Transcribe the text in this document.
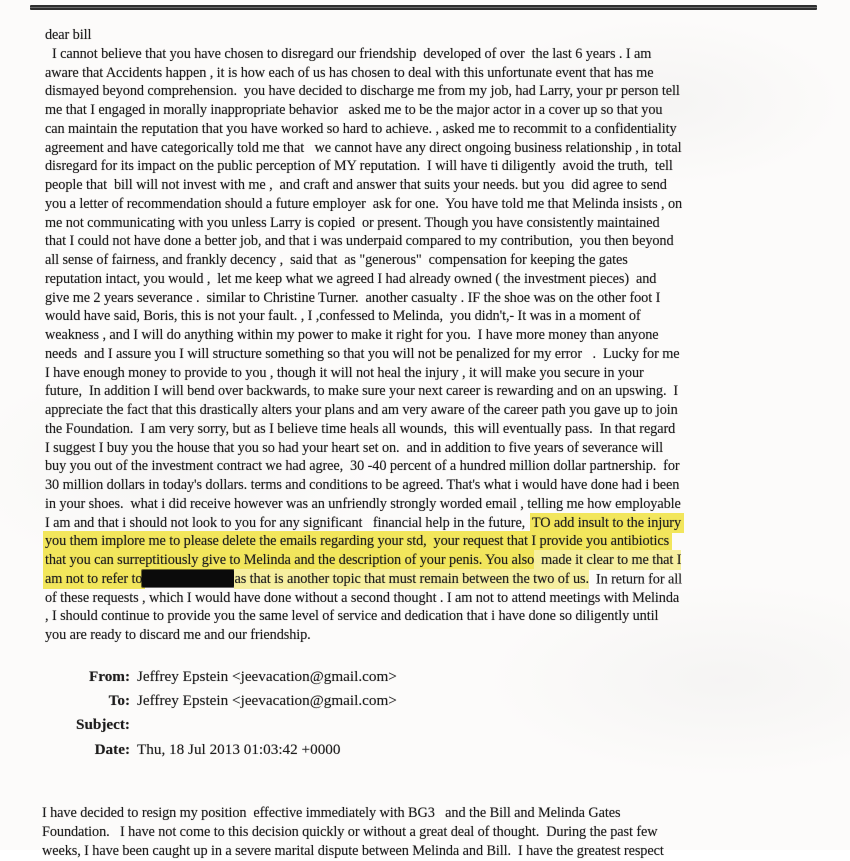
dear bill
I cannot believe that you have chosen to disregard our friendship  developed of over  the last 6 years . I am
aware that Accidents happen , it is how each of us has chosen to deal with this unfortunate event that has me
dismayed beyond comprehension.  you have decided to discharge me from my job, had Larry, your pr person tell
me that I engaged in morally inappropriate behavior   asked me to be the major actor in a cover up so that you
can maintain the reputation that you have worked so hard to achieve. , asked me to recommit to a confidentiality
agreement and have categorically told me that   we cannot have any direct ongoing business relationship , in total
disregard for its impact on the public perception of MY reputation.  I will have ti diligently  avoid the truth,  tell
people that  bill will not invest with me ,  and craft and answer that suits your needs. but you  did agree to send
you a letter of recommendation should a future employer  ask for one.  You have told me that Melinda insists , on
me not communicating with you unless Larry is copied  or present. Though you have consistently maintained
that I could not have done a better job, and that i was underpaid compared to my contribution,  you then beyond
all sense of fairness, and frankly decency ,  said that  as "generous"  compensation for keeping the gates
reputation intact, you would ,  let me keep what we agreed I had already owned ( the investment pieces)  and
give me 2 years severance .  similar to Christine Turner.  another casualty . IF the shoe was on the other foot I
would have said, Boris, this is not your fault. , I ,confessed to Melinda,  you didn't,- It was in a moment of
weakness , and I will do anything within my power to make it right for you.  I have more money than anyone
needs  and I assure you I will structure something so that you will not be penalized for my error   .  Lucky for me
I have enough money to provide to you , though it will not heal the injury , it will make you secure in your
future,  In addition I will bend over backwards, to make sure your next career is rewarding and on an upswing.  I
appreciate the fact that this drastically alters your plans and am very aware of the career path you gave up to join
the Foundation.  I am very sorry, but as I believe time heals all wounds,  this will eventually pass.  In that regard
I suggest I buy you the house that you so had your heart set on.  and in addition to five years of severance will
buy you out of the investment contract we had agree,  30 -40 percent of a hundred million dollar partnership.  for
30 million dollars in today's dollars. terms and conditions to be agreed. That's what i would have done had i been
in your shoes.  what i did receive however was an unfriendly strongly worded email , telling me how employable
I am and that i should not look to you for any significant   financial help in the future,  TO add insult to the injury
you them implore me to please delete the emails regarding your std,  your request that I provide you antibiotics
that you can surreptitiously give to Melinda and the description of your penis. You also  made it clear to me that I
am not to refer to	as that is another topic that must remain between the two of us.  In return for all
of these requests , which I would have done without a second thought . I am not to attend meetings with Melinda
, I should continue to provide you the same level of service and dedication that i have done so diligently until
you are ready to discard me and our friendship.
From: Jeffrey Epstein <jeevacation@gmail.com>
To: Jeffrey Epstein <jeevacation@gmail.com>
Subject:
Date: Thu, 18 Jul 2013 01:03:42 +0000
I have decided to resign my position  effective immediately with BG3   and the Bill and Melinda Gates
Foundation.   I have not come to this decision quickly or without a great deal of thought.  During the past few
weeks, I have been caught up in a severe marital dispute between Melinda and Bill.  I have the greatest respect
